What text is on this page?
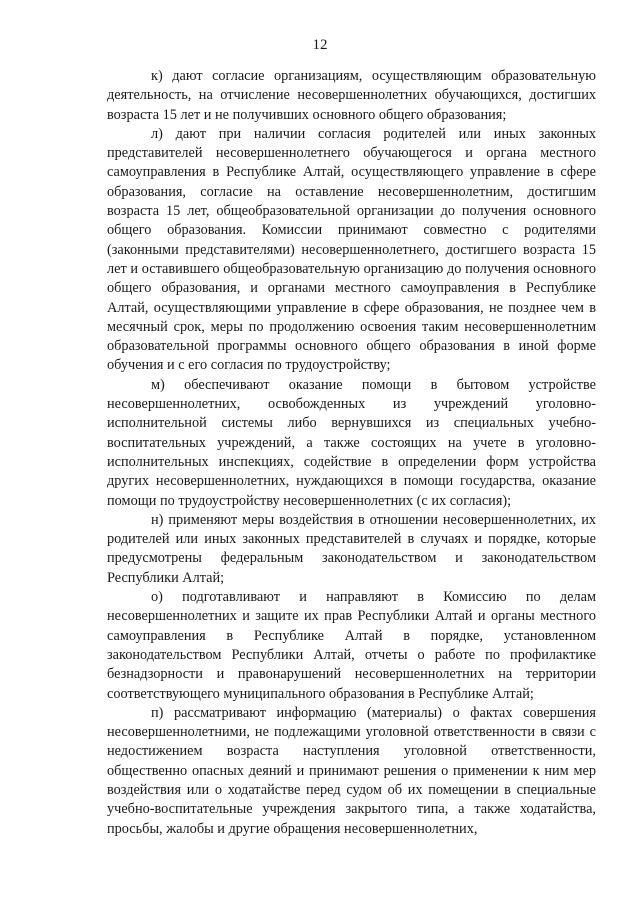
12

к) дают согласие организациям, осуществляющим образовательную деятельность, на отчисление несовершеннолетних обучающихся, достигших возраста 15 лет и не получивших основного общего образования;

л) дают при наличии согласия родителей или иных законных представителей несовершеннолетнего обучающегося и органа местного самоуправления в Республике Алтай, осуществляющего управление в сфере образования, согласие на оставление несовершеннолетним, достигшим возраста 15 лет, общеобразовательной организации до получения основного общего образования. Комиссии принимают совместно с родителями (законными представителями) несовершеннолетнего, достигшего возраста 15 лет и оставившего общеобразовательную организацию до получения основного общего образования, и органами местного самоуправления в Республике Алтай, осуществляющими управление в сфере образования, не позднее чем в месячный срок, меры по продолжению освоения таким несовершеннолетним образовательной программы основного общего образования в иной форме обучения и с его согласия по трудоустройству;

м) обеспечивают оказание помощи в бытовом устройстве несовершеннолетних, освобожденных из учреждений уголовно-исполнительной системы либо вернувшихся из специальных учебно-воспитательных учреждений, а также состоящих на учете в уголовно-исполнительных инспекциях, содействие в определении форм устройства других несовершеннолетних, нуждающихся в помощи государства, оказание помощи по трудоустройству несовершеннолетних (с их согласия);

н) применяют меры воздействия в отношении несовершеннолетних, их родителей или иных законных представителей в случаях и порядке, которые предусмотрены федеральным законодательством и законодательством Республики Алтай;

о) подготавливают и направляют в Комиссию по делам несовершеннолетних и защите их прав Республики Алтай и органы местного самоуправления в Республике Алтай в порядке, установленном законодательством Республики Алтай, отчеты о работе по профилактике безнадзорности и правонарушений несовершеннолетних на территории соответствующего муниципального образования в Республике Алтай;

п) рассматривают информацию (материалы) о фактах совершения несовершеннолетними, не подлежащими уголовной ответственности в связи с недостижением возраста наступления уголовной ответственности, общественно опасных деяний и принимают решения о применении к ним мер воздействия или о ходатайстве перед судом об их помещении в специальные учебно-воспитательные учреждения закрытого типа, а также ходатайства, просьбы, жалобы и другие обращения несовершеннолетних,
